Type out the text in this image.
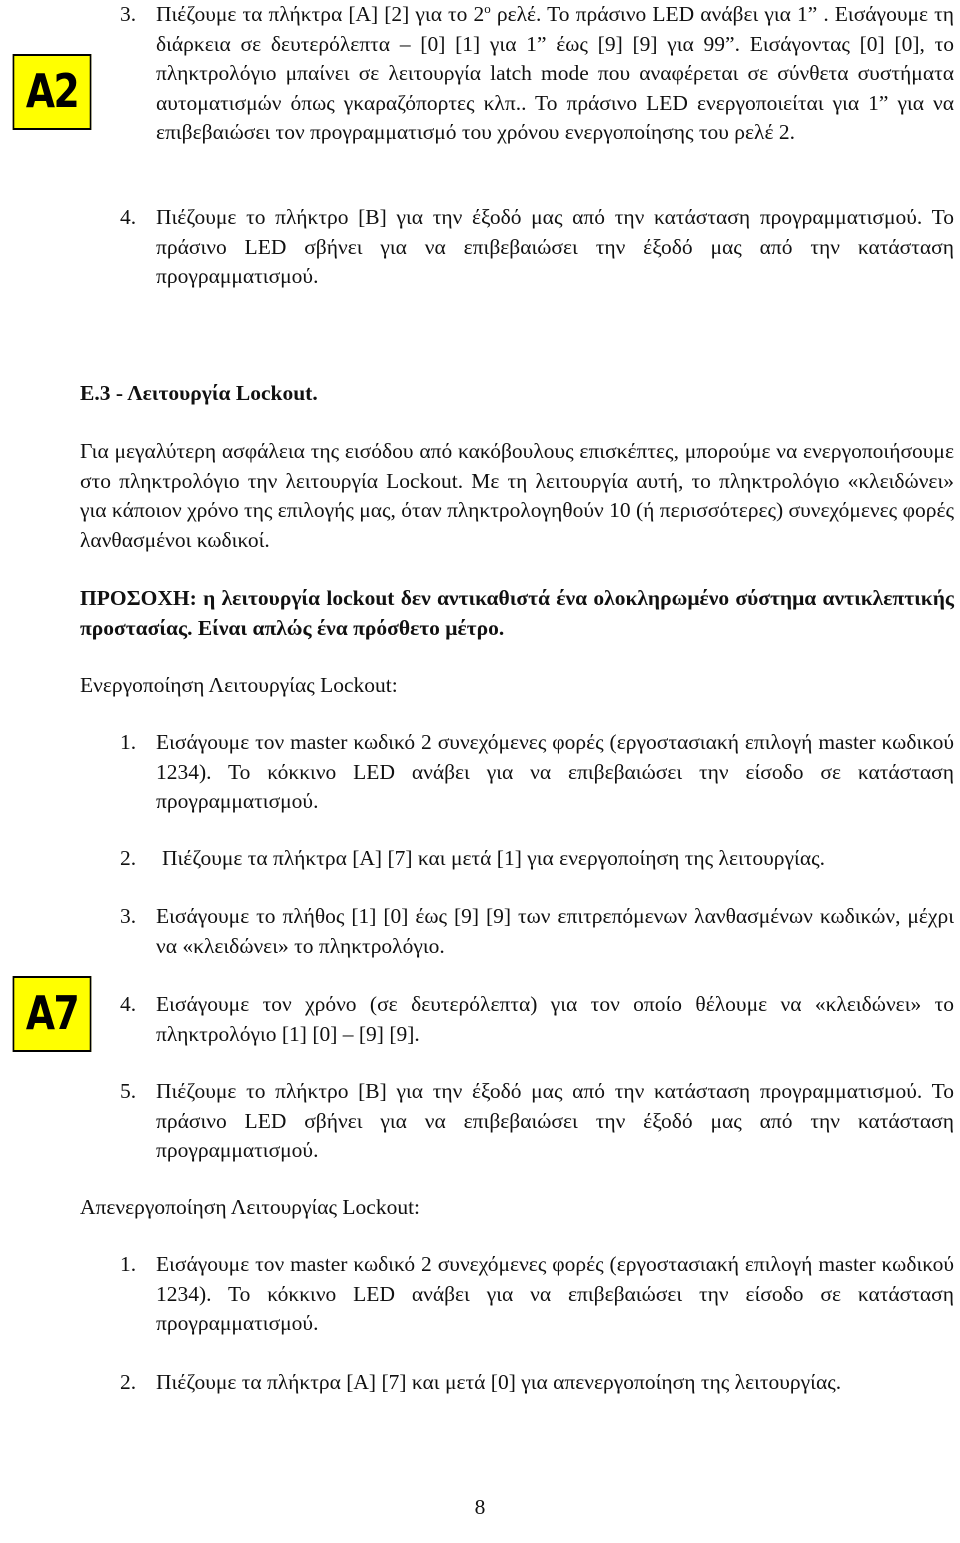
A2
A7
3. Πιέζουμε τα πλήκτρα [A] [2] για το $2^o$ ρελέ. Το πράσινο LED ανάβει για 1” . Εισάγουμε τη διάρκεια σε δευτερόλεπτα – [0] [1] για 1” έως [9] [9] για 99”. Εισάγοντας [0] [0], το πληκτρολόγιο μπαίνει σε λειτουργία latch mode που αναφέρεται σε σύνθετα συστήματα αυτοματισμών όπως γκαραζόπορτες κλπ.. Το πράσινο LED ενεργοποιείται για 1” για να επιβεβαιώσει τον προγραμματισμό του χρόνου ενεργοποίησης του ρελέ 2.
4. Πιέζουμε το πλήκτρο [B] για την έξοδό μας από την κατάσταση προγραμματισμού. Το πράσινο LED σβήνει για να επιβεβαιώσει την έξοδό μας από την κατάσταση προγραμματισμού.
Ε.3 - Λειτουργία Lockout.
Για μεγαλύτερη ασφάλεια της εισόδου από κακόβουλους επισκέπτες, μπορούμε να ενεργοποιήσουμε στο πληκτρολόγιο την λειτουργία Lockout. Με τη λειτουργία αυτή, το πληκτρολόγιο «κλειδώνει» για κάποιον χρόνο της επιλογής μας, όταν πληκτρολογηθούν 10 (ή περισσότερες) συνεχόμενες φορές λανθασμένοι κωδικοί.
ΠΡΟΣΟΧΗ: η λειτουργία lockout δεν αντικαθιστά ένα ολοκληρωμένο σύστημα αντικλεπτικής προστασίας. Είναι απλώς ένα πρόσθετο μέτρο.
Ενεργοποίηση Λειτουργίας Lockout:
1. Εισάγουμε τον master κωδικό 2 συνεχόμενες φορές (εργοστασιακή επιλογή master κωδικού 1234). Το κόκκινο LED ανάβει για να επιβεβαιώσει την είσοδο σε κατάσταση προγραμματισμού.
2. Πιέζουμε τα πλήκτρα [A] [7] και μετά [1] για ενεργοποίηση της λειτουργίας.
3. Εισάγουμε το πλήθος [1] [0] έως [9] [9] των επιτρεπόμενων λανθασμένων κωδικών, μέχρι να «κλειδώνει» το πληκτρολόγιο.
4. Εισάγουμε τον χρόνο (σε δευτερόλεπτα) για τον οποίο θέλουμε να «κλειδώνει» το πληκτρολόγιο [1] [0] – [9] [9].
5. Πιέζουμε το πλήκτρο [B] για την έξοδό μας από την κατάσταση προγραμματισμού. Το πράσινο LED σβήνει για να επιβεβαιώσει την έξοδό μας από την κατάσταση προγραμματισμού.
Απενεργοποίηση Λειτουργίας Lockout:
1. Εισάγουμε τον master κωδικό 2 συνεχόμενες φορές (εργοστασιακή επιλογή master κωδικού 1234). Το κόκκινο LED ανάβει για να επιβεβαιώσει την είσοδο σε κατάσταση προγραμματισμού.
2. Πιέζουμε τα πλήκτρα [A] [7] και μετά [0] για απενεργοποίηση της λειτουργίας.
8
